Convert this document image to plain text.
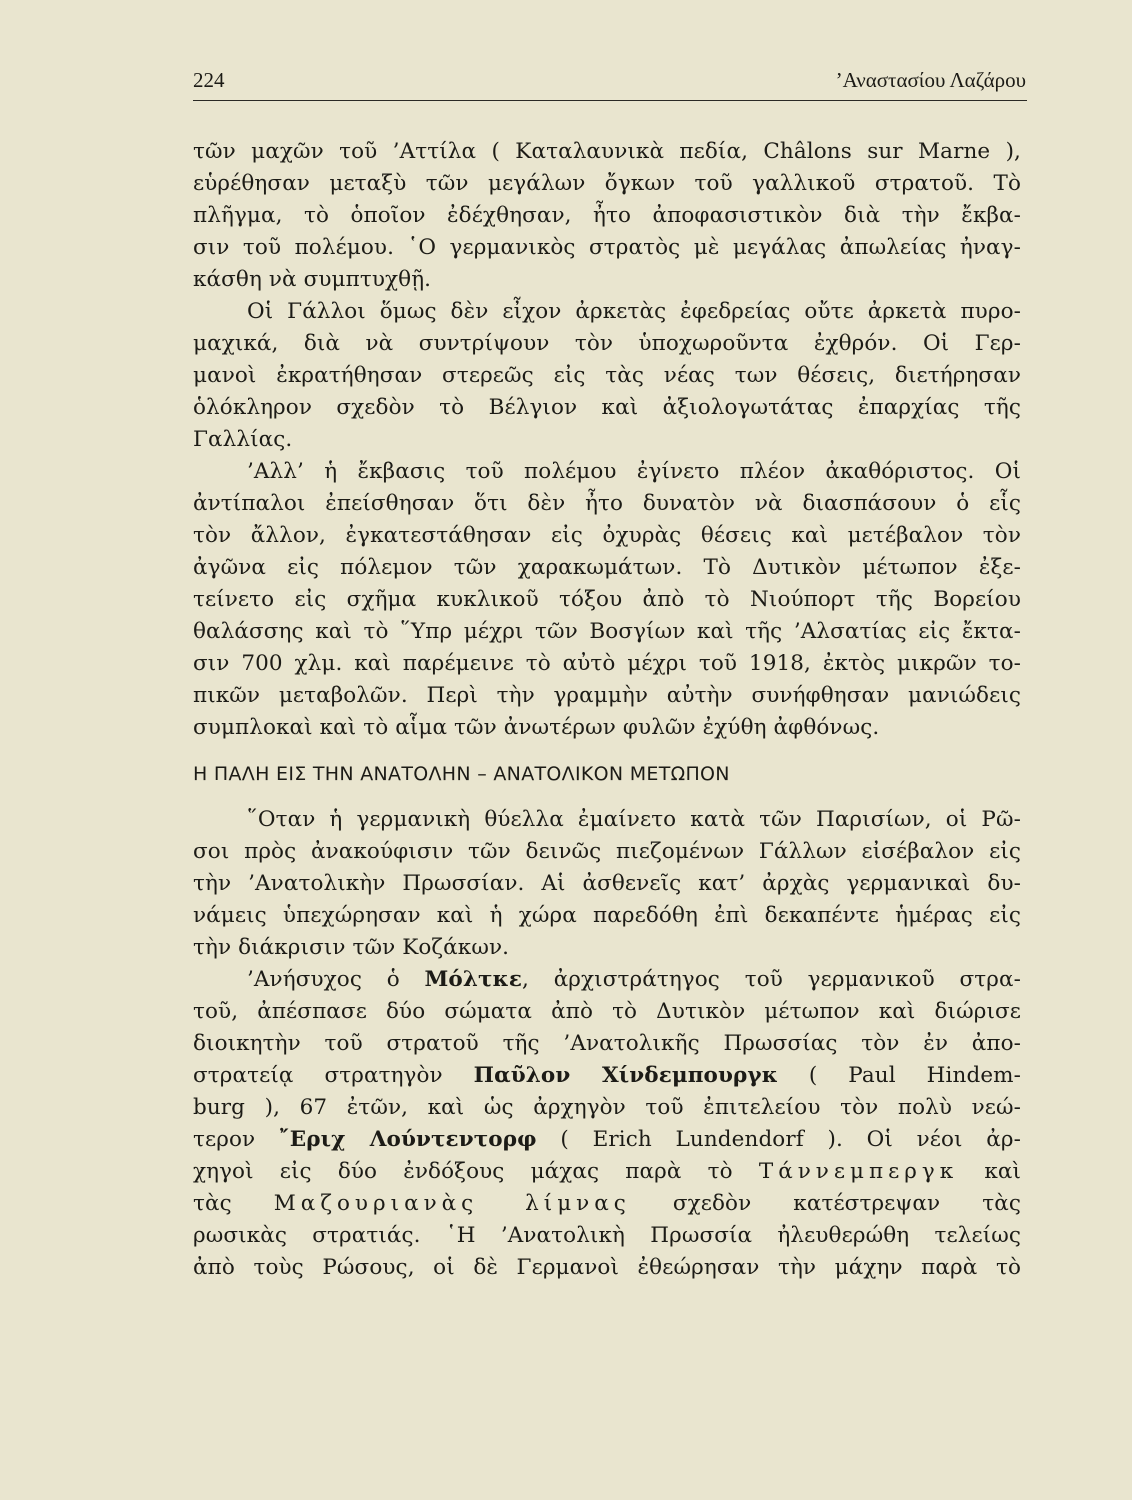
224	’Αναστασίου Λαζάρου
τῶν μαχῶν τοῦ ’Αττίλα ( Καταλαυνικὰ πεδία, Châlons sur Marne ),
εὑρέθησαν μεταξὺ τῶν μεγάλων ὄγκων τοῦ γαλλικοῦ στρατοῦ. Τὸ
πλῆγμα, τὸ ὁποῖον ἐδέχθησαν, ἦτο ἀποφασιστικὸν διὰ τὴν ἔκβα-
σιν τοῦ πολέμου. ῾Ο γερμανικὸς στρατὸς μὲ μεγάλας ἀπωλείας ἠναγ-
κάσθη νὰ συμπτυχθῇ.
Οἱ Γάλλοι ὅμως δὲν εἶχον ἀρκετὰς ἐφεδρείας οὔτε ἀρκετὰ πυρο-
μαχικά, διὰ νὰ συντρίψουν τὸν ὑποχωροῦντα ἐχθρόν. Οἱ Γερ-
μανοὶ ἐκρατήθησαν στερεῶς εἰς τὰς νέας των θέσεις, διετήρησαν
ὁλόκληρον σχεδὸν τὸ Βέλγιον καὶ ἀξιολογωτάτας ἐπαρχίας τῆς
Γαλλίας.
’Αλλ’ ἡ ἔκβασις τοῦ πολέμου ἐγίνετο πλέον ἀκαθόριστος. Οἱ
ἀντίπαλοι ἐπείσθησαν ὅτι δὲν ἦτο δυνατὸν νὰ διασπάσουν ὁ εἷς
τὸν ἄλλον, ἐγκατεστάθησαν εἰς ὀχυρὰς θέσεις καὶ μετέβαλον τὸν
ἀγῶνα εἰς πόλεμον τῶν χαρακωμάτων. Τὸ Δυτικὸν μέτωπον ἐξε-
τείνετο εἰς σχῆμα κυκλικοῦ τόξου ἀπὸ τὸ Νιούπορτ τῆς Βορείου
θαλάσσης καὶ τὸ ῞Υπρ μέχρι τῶν Βοσγίων καὶ τῆς ’Αλσατίας εἰς ἔκτα-
σιν 700 χλμ. καὶ παρέμεινε τὸ αὐτὸ μέχρι τοῦ 1918, ἐκτὸς μικρῶν το-
πικῶν μεταβολῶν. Περὶ τὴν γραμμὴν αὐτὴν συνήφθησαν μανιώδεις
συμπλοκαὶ καὶ τὸ αἷμα τῶν ἀνωτέρων φυλῶν ἐχύθη ἀφθόνως.
Η ΠΑΛΗ ΕΙΣ ΤΗΝ ΑΝΑΤΟΛΗΝ – ΑΝΑΤΟΛΙΚΟΝ ΜΕΤΩΠΟΝ
῞Οταν ἡ γερμανικὴ θύελλα ἐμαίνετο κατὰ τῶν Παρισίων, οἱ Ρῶ-
σοι πρὸς ἀνακούφισιν τῶν δεινῶς πιεζομένων Γάλλων εἰσέβαλον εἰς
τὴν ’Ανατολικὴν Πρωσσίαν. Αἱ ἀσθενεῖς κατ’ ἀρχὰς γερμανικαὶ δυ-
νάμεις ὑπεχώρησαν καὶ ἡ χώρα παρεδόθη ἐπὶ δεκαπέντε ἡμέρας εἰς
τὴν διάκρισιν τῶν Κοζάκων.
’Ανήσυχος ὁ Μόλτκε, ἀρχιστράτηγος τοῦ γερμανικοῦ στρα-
τοῦ, ἀπέσπασε δύο σώματα ἀπὸ τὸ Δυτικὸν μέτωπον καὶ διώρισε
διοικητὴν τοῦ στρατοῦ τῆς ’Ανατολικῆς Πρωσσίας τὸν ἐν ἀπο-
στρατείᾳ στρατηγὸν Παῦλον Χίνδεμπουργκ ( Paul Hindem-
burg ), 67 ἐτῶν, καὶ ὡς ἀρχηγὸν τοῦ ἐπιτελείου τὸν πολὺ νεώ-
τερον ῎Εριχ Λούντεντορφ ( Erich Lundendorf ). Οἱ νέοι ἀρ-
χηγοὶ εἰς δύο ἐνδόξους μάχας παρὰ τὸ Τάννεμπεργκ καὶ
τὰς Μαζουριανὰς λίμνας σχεδὸν κατέστρεψαν τὰς
ρωσικὰς στρατιάς. ῾Η ’Ανατολικὴ Πρωσσία ἠλευθερώθη τελείως
ἀπὸ τοὺς Ρώσους, οἱ δὲ Γερμανοὶ ἐθεώρησαν τὴν μάχην παρὰ τὸ
